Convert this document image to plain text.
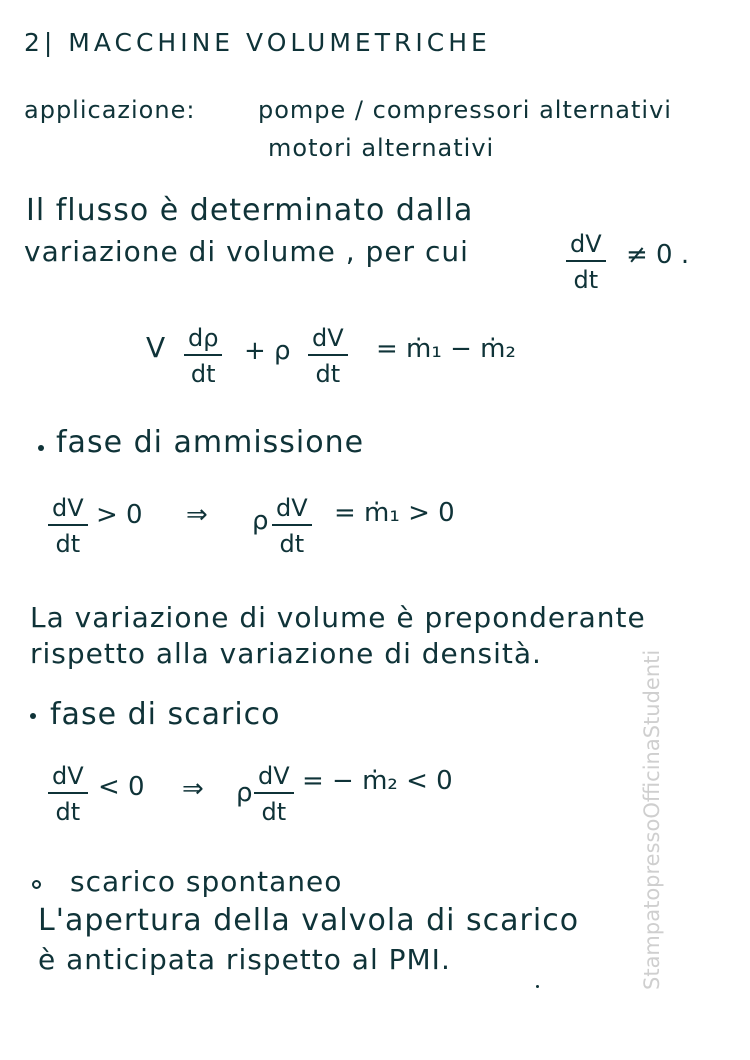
2| MACCHINE VOLUMETRICHE
applicazione:	pompe / compressori alternativi
motori alternativi
Il flusso è determinato dalla
variazione di volume , per cui	dV
dt
≠ 0 .
V dρ
dt
+ ρ dV
dt
= ṁ₁ − ṁ₂
fase di ammissione
dV
dt
> 0 ⇒ ρ dV
dt
= ṁ₁ > 0
La variazione di volume è preponderante
rispetto alla variazione di densità.
fase di scarico
dV
dt
< 0 ⇒ ρ
dV
dt
= − ṁ₂ < 0
scarico spontaneo
L'apertura della valvola di scarico
è anticipata rispetto al PMI.	StampatopressoOfficinaStudenti
